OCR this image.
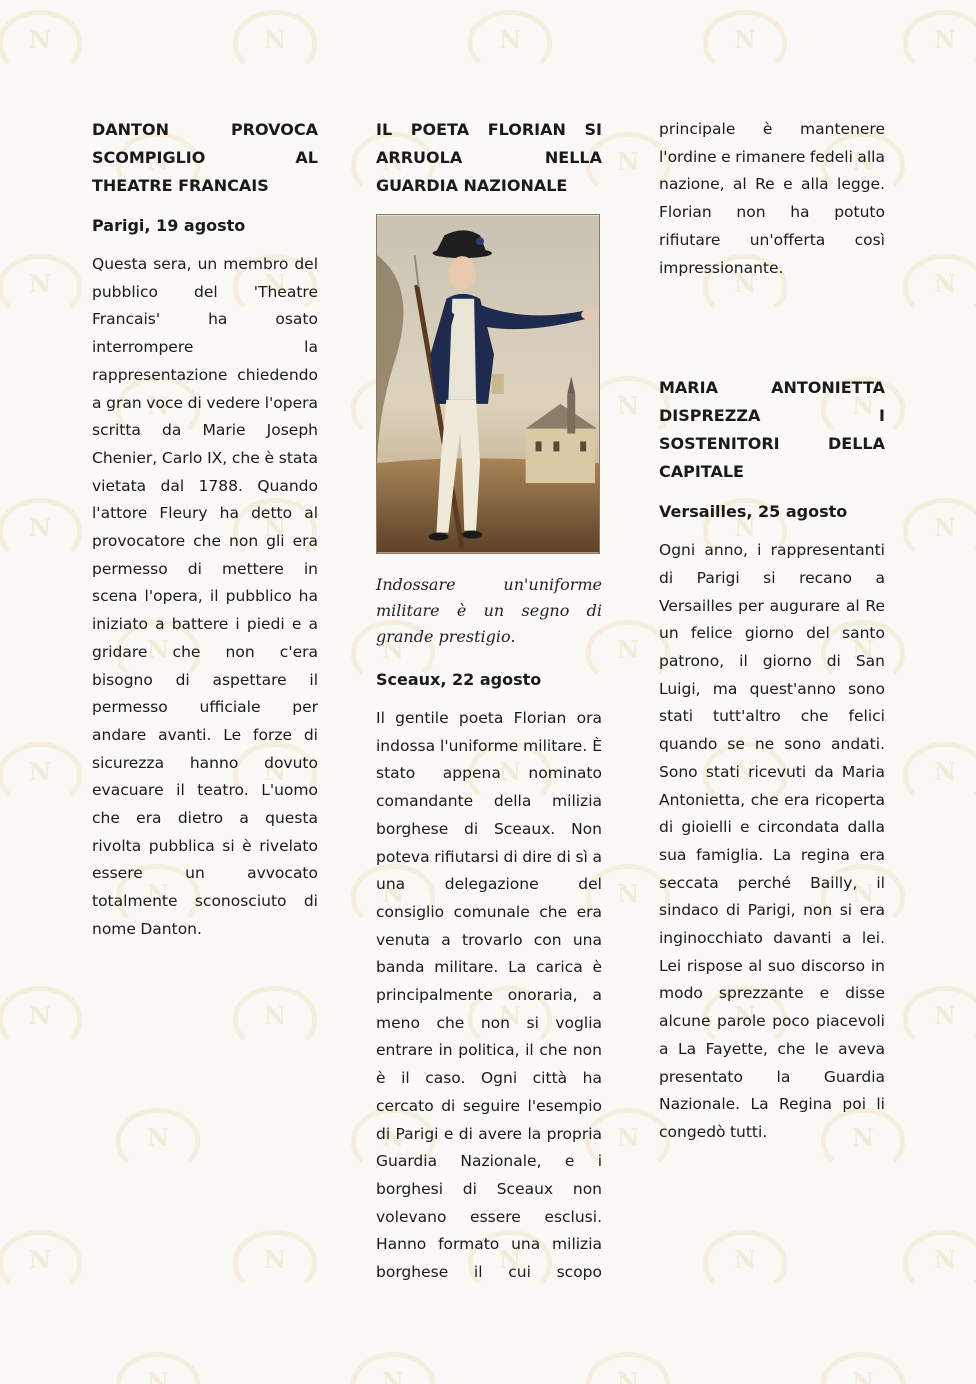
N
N
N
N
N
N
N
N
N
N
N
N
N
N
N
N
N
N
N
N
N
N
N
N
N
N
N
N
N
N
N
N
N
N
N
N
N
N
N
N
N
N
N
N
N
N
N
N
N
N
N
N
N
N
DANTON PROVOCA SCOMPIGLIO AL THEATRE FRANCAIS

Parigi, 19 agosto

Questa sera, un membro del pubblico del 'Theatre Francais' ha osato interrompere la rappresentazione chiedendo a gran voce di vedere l'opera scritta da Marie Joseph Chenier, Carlo IX, che è stata vietata dal 1788. Quando l'attore Fleury ha detto al provocatore che non gli era permesso di mettere in scena l'opera, il pubblico ha iniziato a battere i piedi e a gridare che non c'era bisogno di aspettare il permesso ufficiale per andare avanti. Le forze di sicurezza hanno dovuto evacuare il teatro. L'uomo che era dietro a questa rivolta pubblica si è rivelato essere un avvocato totalmente sconosciuto di nome Danton.

IL POETA FLORIAN SI ARRUOLA NELLA GUARDIA NAZIONALE

Indossare un'uniforme militare è un segno di grande prestigio.

Sceaux, 22 agosto

Il gentile poeta Florian ora indossa l'uniforme militare. È stato appena nominato comandante della milizia borghese di Sceaux. Non poteva rifiutarsi di dire di sì a una delegazione del consiglio comunale che era venuta a trovarlo con una banda militare. La carica è principalmente onoraria, a meno che non si voglia entrare in politica, il che non è il caso. Ogni città ha cercato di seguire l'esempio di Parigi e di avere la propria Guardia Nazionale, e i borghesi di Sceaux non volevano essere esclusi. Hanno formato una milizia borghese il cui scopo

principale è mantenere l'ordine e rimanere fedeli alla nazione, al Re e alla legge. Florian non ha potuto rifiutare un'offerta così impressionante.

MARIA ANTONIETTA DISPREZZA I SOSTENITORI DELLA CAPITALE

Versailles, 25 agosto

Ogni anno, i rappresentanti di Parigi si recano a Versailles per augurare al Re un felice giorno del santo patrono, il giorno di San Luigi, ma quest'anno sono stati tutt'altro che felici quando se ne sono andati. Sono stati ricevuti da Maria Antonietta, che era ricoperta di gioielli e circondata dalla sua famiglia. La regina era seccata perché Bailly, il sindaco di Parigi, non si era inginocchiato davanti a lei. Lei rispose al suo discorso in modo sprezzante e disse alcune parole poco piacevoli a La Fayette, che le aveva presentato la Guardia Nazionale. La Regina poi li congedò tutti.
